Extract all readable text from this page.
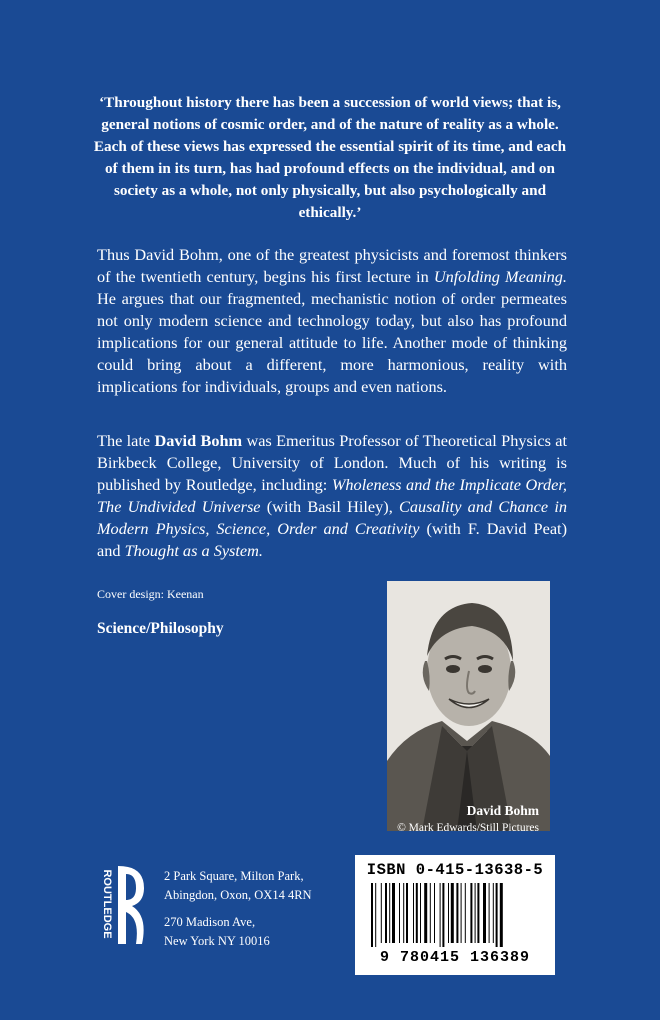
‘Throughout history there has been a succession of world views; that is, general notions of cosmic order, and of the nature of reality as a whole. Each of these views has expressed the essential spirit of its time, and each of them in its turn, has had profound effects on the individual, and on society as a whole, not only physically, but also psychologically and ethically.’

Thus David Bohm, one of the greatest physicists and foremost thinkers of the twentieth century, begins his first lecture in Unfolding Meaning. He argues that our fragmented, mechanistic notion of order permeates not only modern science and technology today, but also has profound implications for our general attitude to life. Another mode of thinking could bring about a different, more harmonious, reality with implications for individuals, groups and even nations.

The late David Bohm was Emeritus Professor of Theoretical Physics at Birkbeck College, University of London. Much of his writing is published by Routledge, including: Wholeness and the Implicate Order, The Undivided Universe (with Basil Hiley), Causality and Chance in Modern Physics, Science, Order and Creativity (with F. David Peat) and Thought as a System.

Cover design: Keenan

Science/Philosophy

David Bohm

© Mark Edwards/Still Pictures

ROUTLEDGE	2 Park Square, Milton Park,
Abingdon, Oxon, OX14 4RN
270 Madison Ave,
New York NY 10016
ISBN 0-415-13638-5
9 780415 136389
